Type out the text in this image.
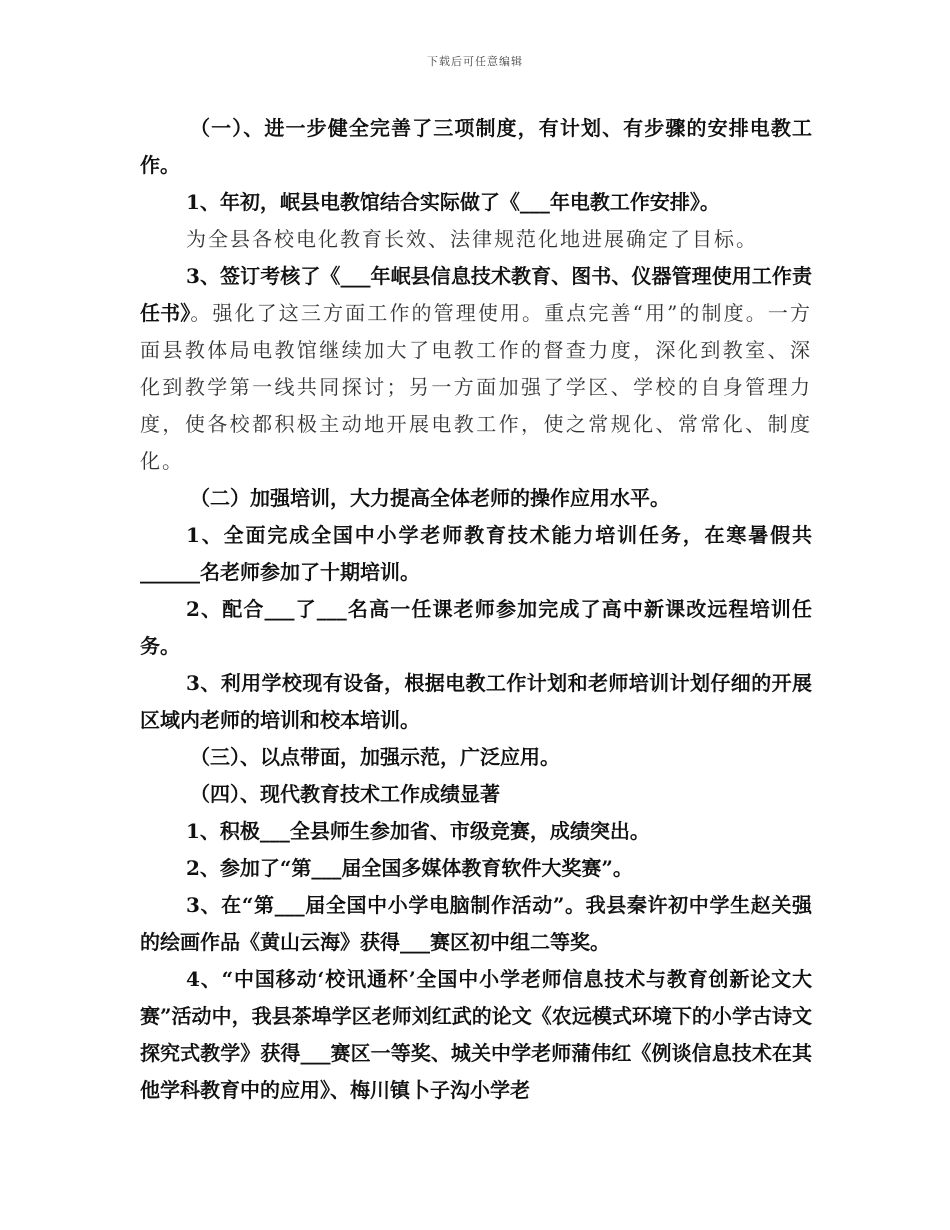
下载后可任意编辑

（一）、进一步健全完善了三项制度，有计划、有步骤的安排电教工作。

1、年初，岷县电教馆结合实际做了《___年电教工作安排》。

为全县各校电化教育长效、法律规范化地进展确定了目标。

3、签订考核了《___年岷县信息技术教育、图书、仪器管理使用工作责任书》。强化了这三方面工作的管理使用。重点完善“用”的制度。一方面县教体局电教馆继续加大了电教工作的督查力度，深化到教室、深化到教学第一线共同探讨；另一方面加强了学区、学校的自身管理力度，使各校都积极主动地开展电教工作，使之常规化、常常化、制度化。

（二）加强培训，大力提高全体老师的操作应用水平。

1、全面完成全国中小学老师教育技术能力培训任务，在寒暑假共______名老师参加了十期培训。

2、配合___了___名高一任课老师参加完成了高中新课改远程培训任务。

3、利用学校现有设备，根据电教工作计划和老师培训计划仔细的开展区域内老师的培训和校本培训。

（三）、以点带面，加强示范，广泛应用。

（四）、现代教育技术工作成绩显著

1、积极___全县师生参加省、市级竞赛，成绩突出。

2、参加了“第___届全国多媒体教育软件大奖赛”。

3、在“第___届全国中小学电脑制作活动”。我县秦许初中学生赵关强的绘画作品《黄山云海》获得___赛区初中组二等奖。

4、“中国移动‘校讯通杯’全国中小学老师信息技术与教育创新论文大赛”活动中，我县茶埠学区老师刘红武的论文《农远模式环境下的小学古诗文探究式教学》获得___赛区一等奖、城关中学老师蒲伟红《例谈信息技术在其他学科教育中的应用》、梅川镇卜子沟小学老
